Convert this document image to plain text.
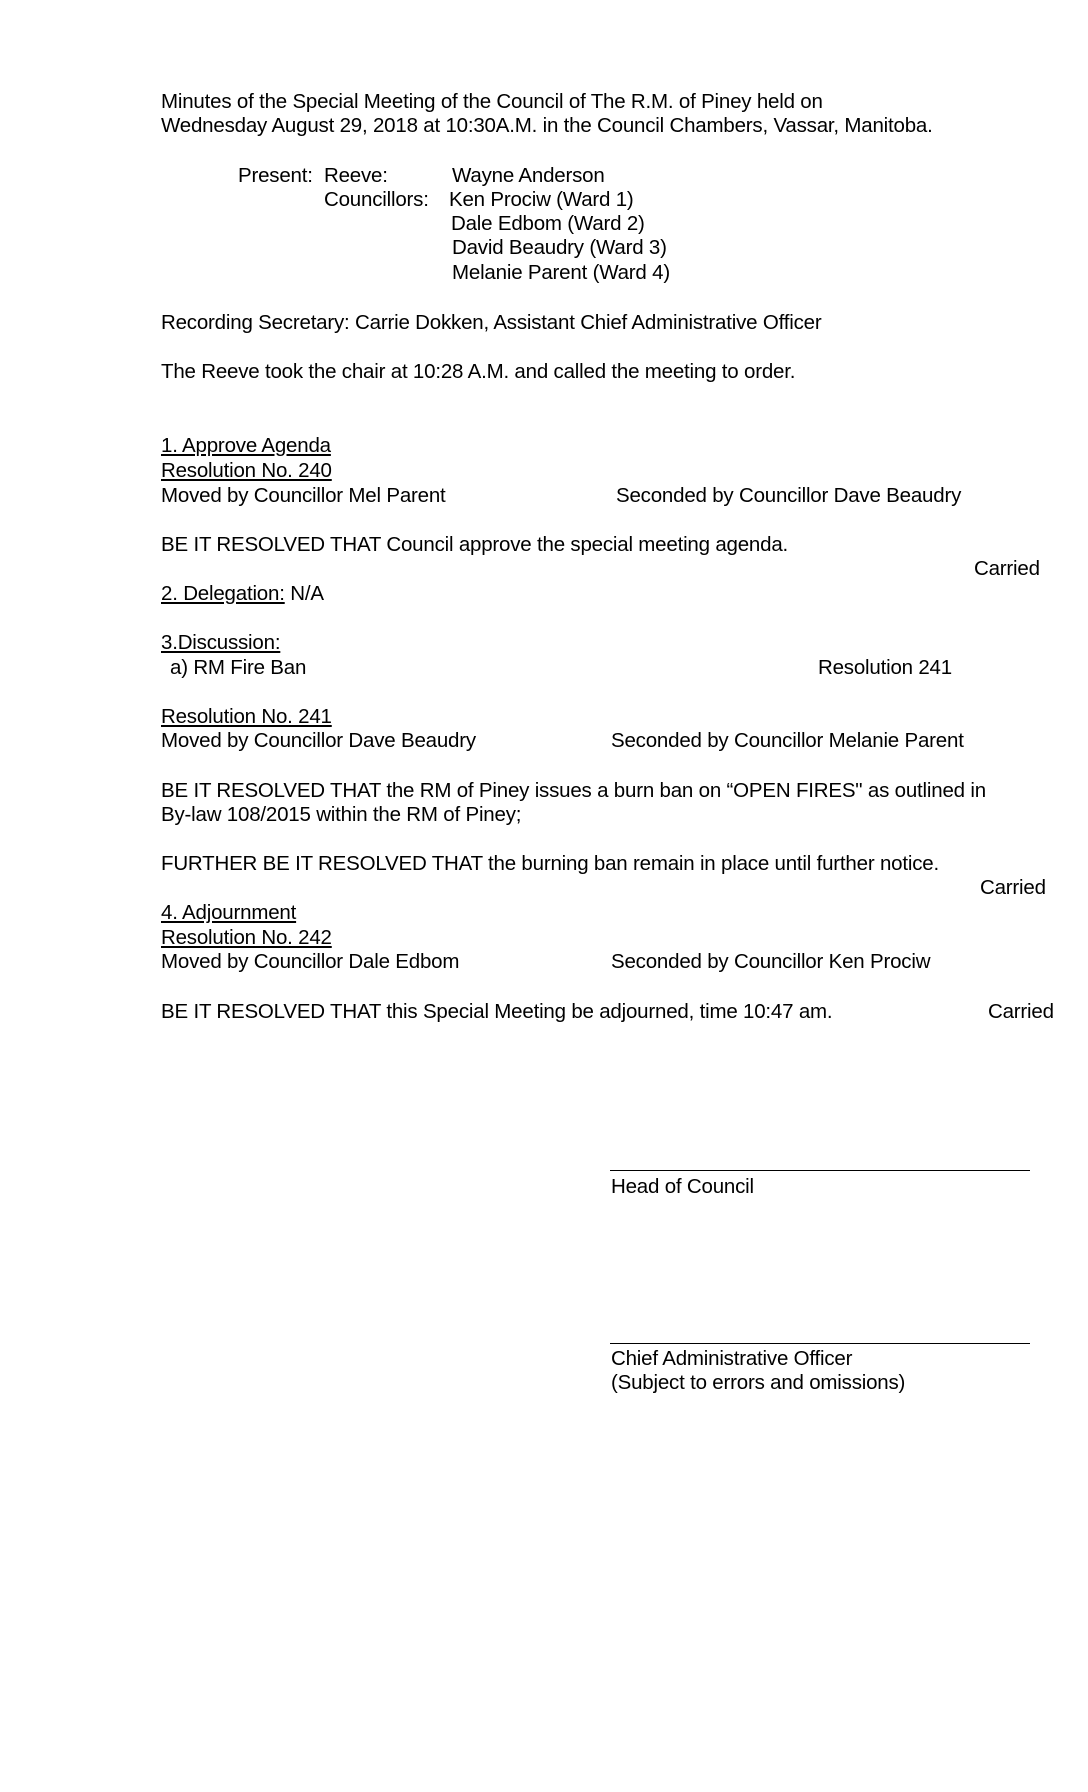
Minutes of the Special Meeting of the Council of The R.M. of Piney held on
Wednesday August 29, 2018 at 10:30A.M. in the Council Chambers, Vassar, Manitoba.
Present: Reeve:	Wayne Anderson
Councillors: Ken Prociw (Ward 1)
Dale Edbom (Ward 2)
David Beaudry (Ward 3)
Melanie Parent (Ward 4)
Recording Secretary: Carrie Dokken, Assistant Chief Administrative Officer
The Reeve took the chair at 10:28 A.M. and called the meeting to order.
1. Approve Agenda
Resolution No. 240
Moved by Councillor Mel Parent	Seconded by Councillor Dave Beaudry
BE IT RESOLVED THAT Council approve the special meeting agenda.
Carried
2. Delegation: N/A
3.Discussion:
a) RM Fire Ban	Resolution 241
Resolution No. 241
Moved by Councillor Dave Beaudry	Seconded by Councillor Melanie Parent
BE IT RESOLVED THAT the RM of Piney issues a burn ban on “OPEN FIRES" as outlined in
By-law 108/2015 within the RM of Piney;
FURTHER BE IT RESOLVED THAT the burning ban remain in place until further notice.
Carried
4. Adjournment
Resolution No. 242
Moved by Councillor Dale Edbom	Seconded by Councillor Ken Prociw
BE IT RESOLVED THAT this Special Meeting be adjourned, time 10:47 am.	Carried
Head of Council
Chief Administrative Officer
(Subject to errors and omissions)
